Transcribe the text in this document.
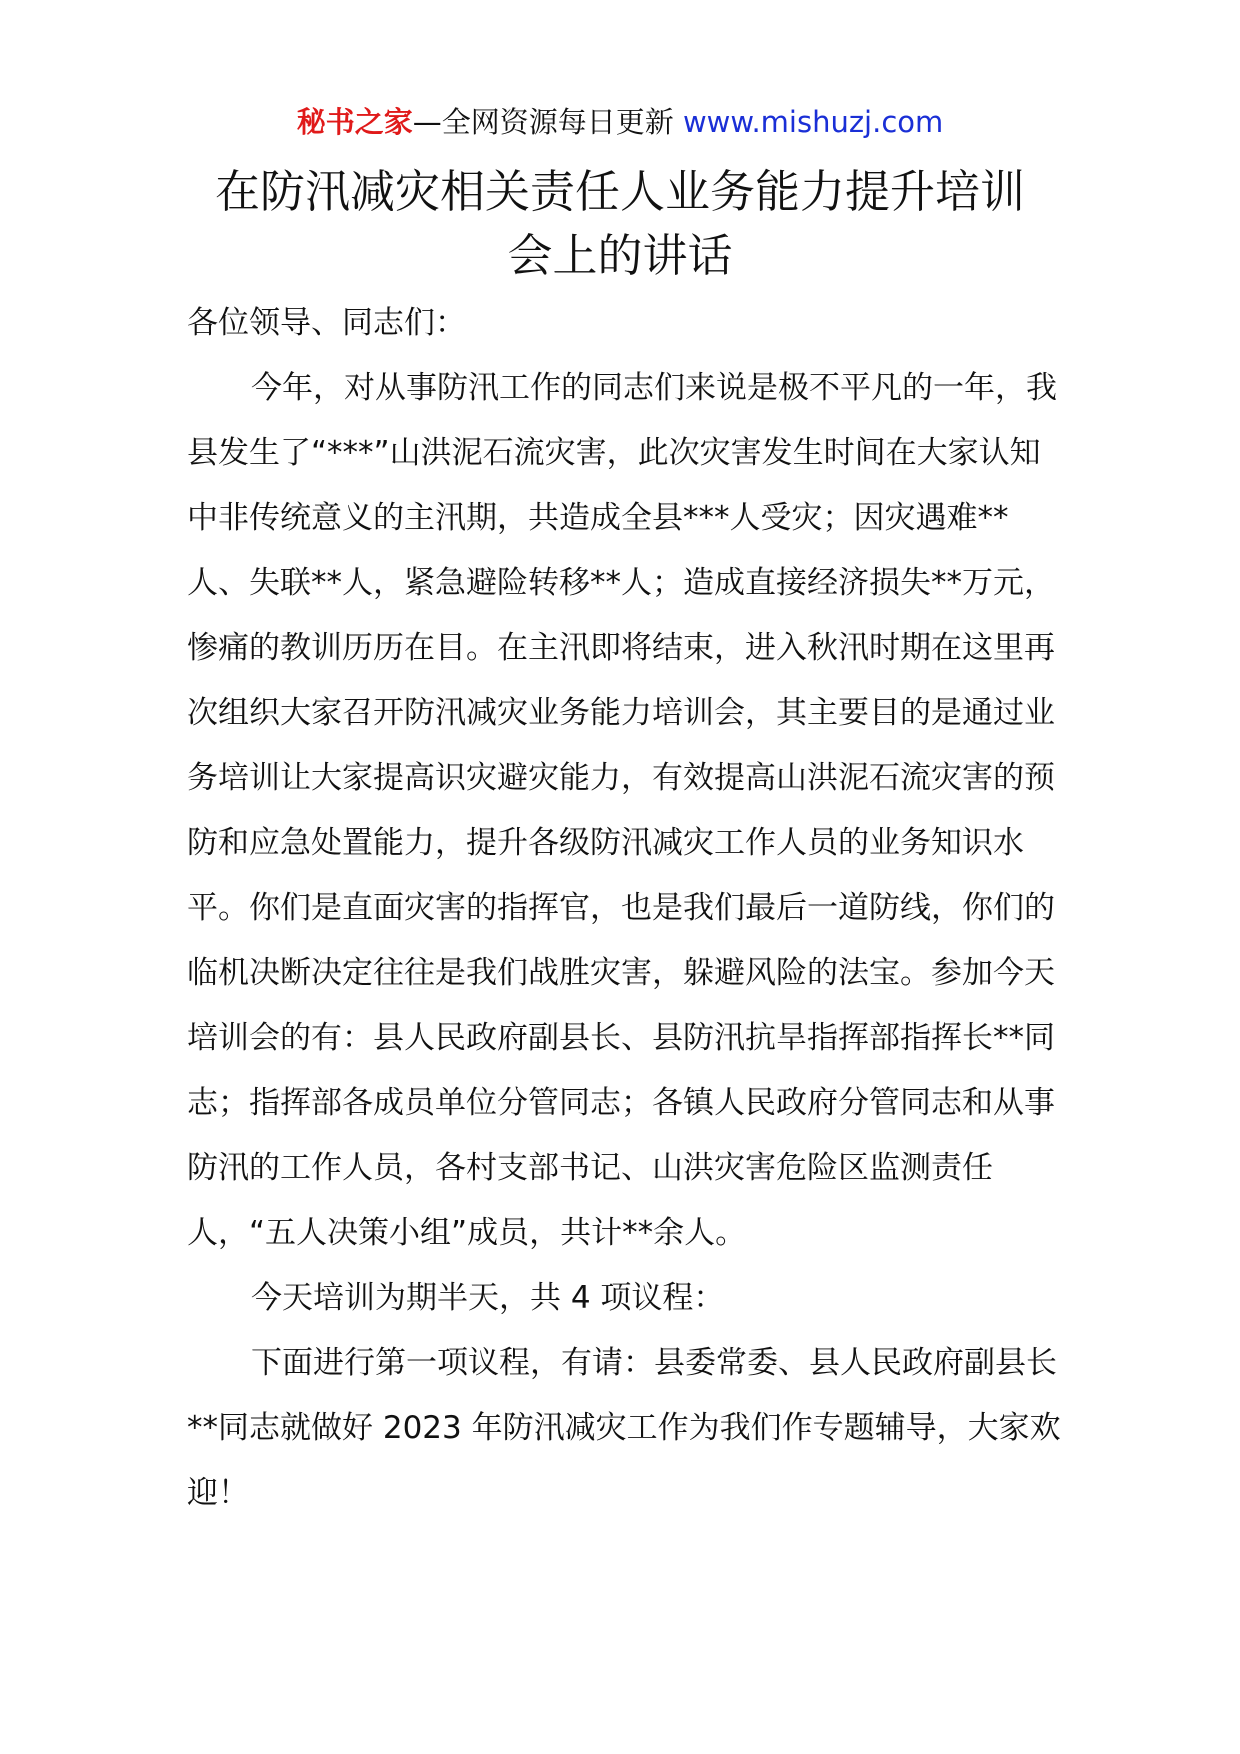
秘书之家—全网资源每日更新 www.mishuzj.com
在防汛减灾相关责任人业务能力提升培训
会上的讲话

各位领导、同志们：

今年，对从事防汛工作的同志们来说是极不平凡的一年，我县发生了“***”山洪泥石流灾害，此次灾害发生时间在大家认知中非传统意义的主汛期，共造成全县***人受灾；因灾遇难**人、失联**人，紧急避险转移**人；造成直接经济损失**万元，惨痛的教训历历在目。在主汛即将结束，进入秋汛时期在这里再次组织大家召开防汛减灾业务能力培训会，其主要目的是通过业务培训让大家提高识灾避灾能力，有效提高山洪泥石流灾害的预防和应急处置能力，提升各级防汛减灾工作人员的业务知识水平。你们是直面灾害的指挥官，也是我们最后一道防线，你们的临机决断决定往往是我们战胜灾害，躲避风险的法宝。参加今天培训会的有：县人民政府副县长、县防汛抗旱指挥部指挥长**同志；指挥部各成员单位分管同志；各镇人民政府分管同志和从事防汛的工作人员，各村支部书记、山洪灾害危险区监测责任人，“五人决策小组”成员，共计**余人。

今天培训为期半天，共 4 项议程：

下面进行第一项议程，有请：县委常委、县人民政府副县长**同志就做好 2023 年防汛减灾工作为我们作专题辅导，大家欢迎！
